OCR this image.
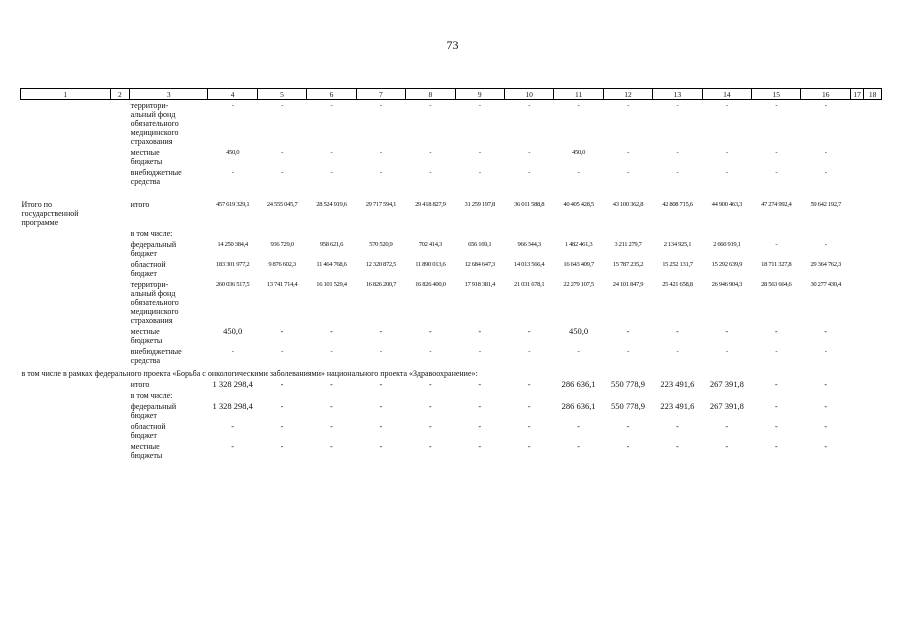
73
1	2	3	4	5	6	7	8	9	10	11	12	13	14	15	16	17	18
		территори-
альный фонд
обязательного
медицинского
страхования	-	-	-	-	-	-	-	-	-	-	-	-	-		
		местные
бюджеты	450,0	-	-	-	-	-	-	450,0	-	-	-	-	-		
		внебюджетные
средства	-	-	-	-	-	-	-	-	-	-	-	-	-		

Итого по
государственной
программе		итого	457 619 329,1	24 555 045,7	28 524 919,6	29 717 594,1	29 418 827,9	31 259 197,8	36 011 588,8	40 405 428,5	43 100 362,8	42 808 715,6	44 900 463,3	47 274 992,4	59 642 192,7		
		в том числе:															
		федеральный
бюджет	14 250 384,4	936 729,0	958 621,6	570 520,9	702 414,3	656 169,1	966 344,3	1 482 461,3	3 211 279,7	2 134 925,1	2 660 919,1	-	-		
		областной
бюджет	183 301 977,2	9 876 602,3	11 464 768,6	12 320 872,5	11 890 013,6	12 684 647,3	14 013 566,4	16 643 409,7	15 787 235,2	15 252 131,7	15 292 639,9	18 711 327,8	29 364 762,3		
		территори-
альный фонд
обязательного
медицинского
страхования	260 036 517,5	13 741 714,4	16 101 529,4	16 826 200,7	16 826 400,0	17 918 381,4	21 031 678,1	22 279 107,5	24 101 847,9	25 421 658,8	26 946 904,3	28 563 664,6	30 277 430,4		
		местные
бюджеты	450,0	-	-	-	-	-	-	450,0	-	-	-	-	-		
		внебюджетные
средства	-	-	-	-	-	-	-	-	-	-	-	-	-		
в том числе в рамках федерального проекта «Борьба с онкологическими заболеваниями» национального проекта «Здравоохранение»:																	
		итого	1 328 298,4	-	-	-	-	-	-	286 636,1	550 778,9	223 491,6	267 391,8	-	-		
		в том числе:															
		федеральный
бюджет	1 328 298,4	-	-	-	-	-	-	286 636,1	550 778,9	223 491,6	267 391,8	-	-		
		областной
бюджет	-	-	-	-	-	-	-	-	-	-	-	-	-		
		местные
бюджеты	-	-	-	-	-	-	-	-	-	-	-	-	-		
